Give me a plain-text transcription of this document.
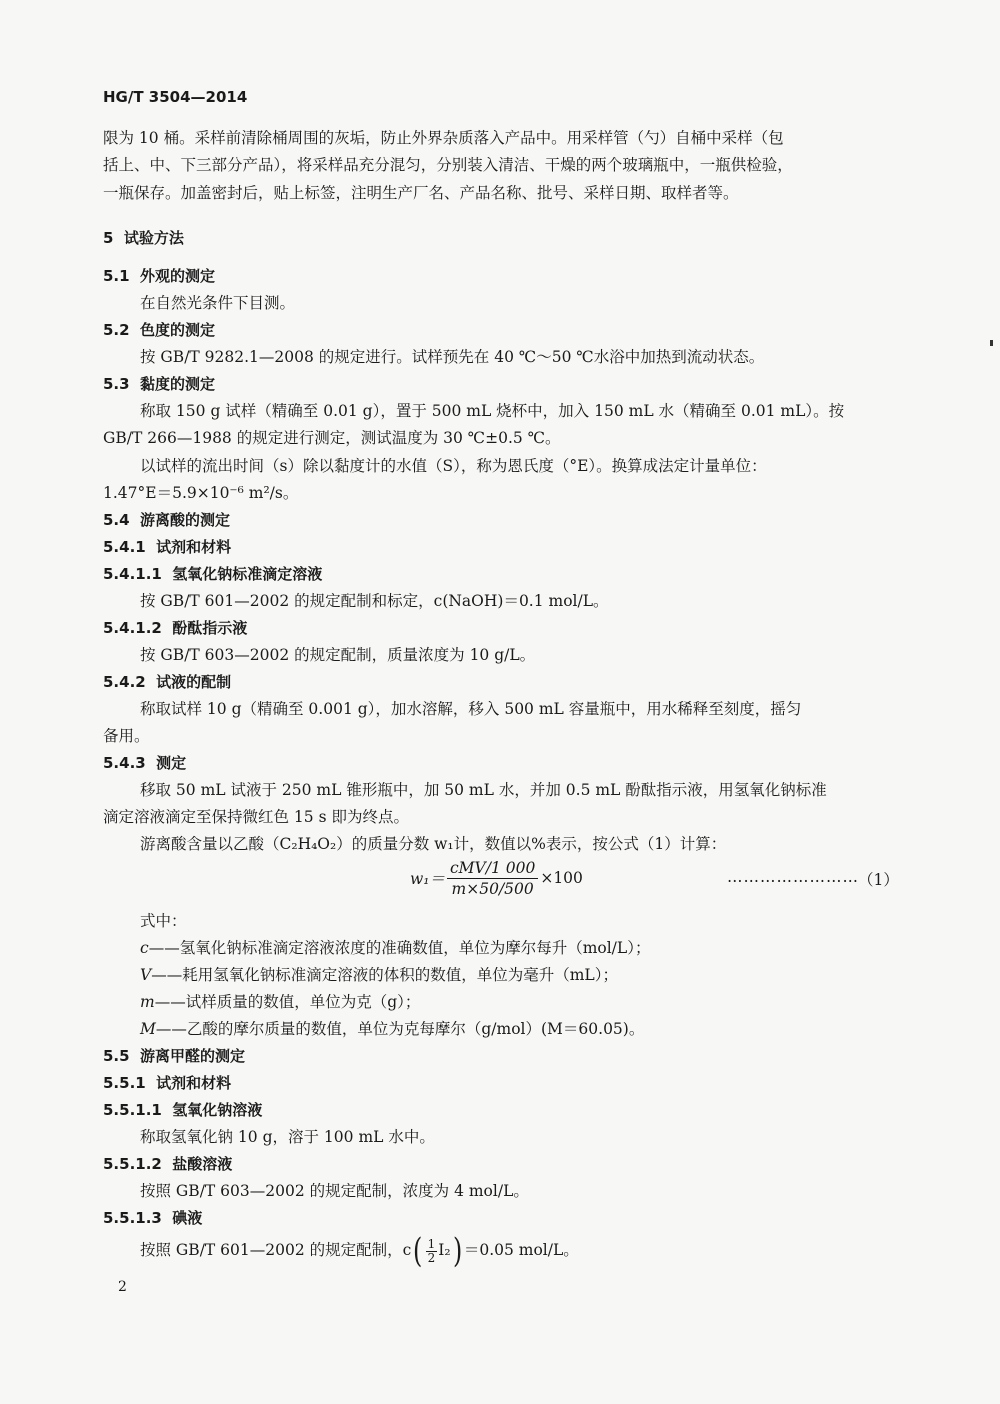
HG/T 3504—2014
限为 10 桶。采样前清除桶周围的灰垢，防止外界杂质落入产品中。用采样管（勺）自桶中采样（包
括上、中、下三部分产品），将采样品充分混匀，分别装入清洁、干燥的两个玻璃瓶中，一瓶供检验，
一瓶保存。加盖密封后，贴上标签，注明生产厂名、产品名称、批号、采样日期、取样者等。
5 试验方法
5.1 外观的测定
在自然光条件下目测。
5.2 色度的测定
按 GB/T 9282.1—2008 的规定进行。试样预先在 40 ℃～50 ℃水浴中加热到流动状态。
5.3 黏度的测定
称取 150 g 试样（精确至 0.01 g），置于 500 mL 烧杯中，加入 150 mL 水（精确至 0.01 mL）。按
GB/T 266—1988 的规定进行测定，测试温度为 30 ℃±0.5 ℃。
以试样的流出时间（s）除以黏度计的水值（S），称为恩氏度（°E）。换算成法定计量单位：
1.47°E＝5.9×10⁻⁶ m²/s。
5.4 游离酸的测定
5.4.1 试剂和材料
5.4.1.1 氢氧化钠标准滴定溶液
按 GB/T 601—2002 的规定配制和标定，c(NaOH)＝0.1 mol/L。
5.4.1.2 酚酞指示液
按 GB/T 603—2002 的规定配制，质量浓度为 10 g/L。
5.4.2 试液的配制
称取试样 10 g（精确至 0.001 g），加水溶解，移入 500 mL 容量瓶中，用水稀释至刻度，摇匀
备用。
5.4.3 测定
移取 50 mL 试液于 250 mL 锥形瓶中，加 50 mL 水，并加 0.5 mL 酚酞指示液，用氢氧化钠标准
滴定溶液滴定至保持微红色 15 s 即为终点。
游离酸含量以乙酸（C₂H₄O₂）的质量分数 w₁计，数值以%表示，按公式（1）计算：
$w_1= \frac{\text{cMV/1 000}}{m\times 50/500} \times 100$	…………………… （1）
式中：
c——氢氧化钠标准滴定溶液浓度的准确数值，单位为摩尔每升（mol/L）；
V——耗用氢氧化钠标准滴定溶液的体积的数值，单位为毫升（mL）；
m——试样质量的数值，单位为克（g）；
M——乙酸的摩尔质量的数值，单位为克每摩尔（g/mol）(M＝60.05)。
5.5 游离甲醛的测定
5.5.1 试剂和材料
5.5.1.1 氢氧化钠溶液
称取氢氧化钠 10 g，溶于 100 mL 水中。
5.5.1.2 盐酸溶液
按照 GB/T 603—2002 的规定配制，浓度为 4 mol/L。
5.5.1.3 碘液
按照 GB/T 601—2002 的规定配制，$c( \frac{1}{2} I_2) =0.05$ mol/L。
2
